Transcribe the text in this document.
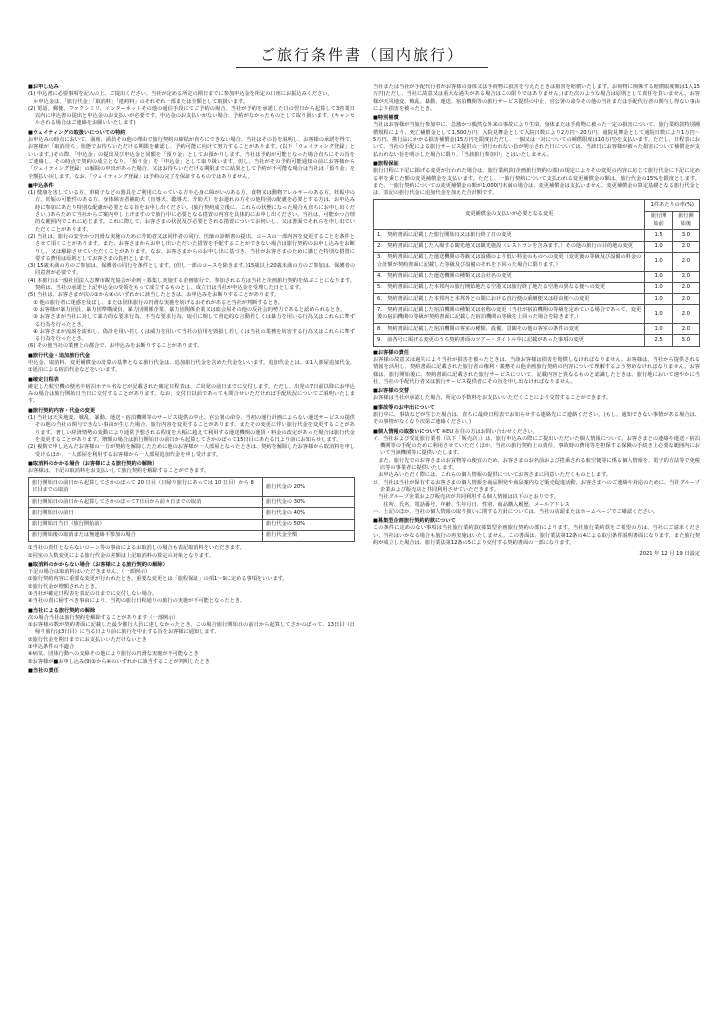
ご旅行条件書（国内旅行）
■ お申し込み
(1) 申込書に必要事項を記入の上、ご提出ください。当社が定める所定の期日までに参加申込金を所定の口座にお振込みください。
　＊申込金は、「旅行代金」「取消料」「違約料」のそれぞれ一部または全額として取扱います。
(2) 電話、郵便、ファクシミリ、インターネットその他の通信手段にてご予約の場合、当社が予約を承諾した日の翌日から起算して3営業日以内に申込書の提出と申込金のお支払いが必要です。申込金のお支払いがない場合、予約がなかったものとして取り扱います。(キャンセルされる場合はご連絡をお願いいたします)
■ ウェイティングの取扱いについての特約
お申込みの時点において、満席、満員その他の理由で旅行契約の締結が直ちにできない場合、当社はその旨を説明し、お客様の承諾を得て、お客様が「取消待ち」状態でお待ちいただける期限を確認し、予約可能に向けて努力することがあります。(以下「ウェイティング登録」といいます。)その際、「申込金」の提出及び申込金と同額を「預り金」としてお預かりします。当社は予約が可能となった場合直ちにその旨をご連絡し、その時点で契約の成立となり、「預り金」を「申込金」として取り扱います。但し、当社がその予約可能通知の前にお客様から「ウェイティング登録」の解除の申出があった場合、又はお待ちいただける期限までに結果として予約が不可能な場合は当社は「預り金」を全額払い戻します。なお、「ウェイティング登録」は予約の完了を保証するものではありません。
■ 申込条件
(1) 健康を害している方、車椅子などの器具をご利用になっている方や心身に障がいのある方、食物又は動物アレルギーのある方、妊娠中の方、妊娠の可能性のある方、身体障害者補助犬（盲導犬、聴導犬、介助犬）をお連れの方その他特別の配慮を必要とする方は、お申込み時に参加にあたり特別な配慮が必要となる旨をお申し出ください。(旅行契約成立後に、これらの状態になった場合も直ちにお申し出ください。)あらためて当社からご案内申し上げますので旅行中に必要となる措置の内容を具体的にお申し出ください。当社は、可能かつ合理的な範囲内でこれに応じます。これに際して、お客さまの状況及び必要とされる措置についてお伺いし、又は書面でそれらを申し出ていただくことがあります。
(2) 当社は、旅行の安全かつ円滑な実施のために介助者又は同伴者の同行、医師の診断書の提出、コースの一部内容を変更することを条件とさせて頂くことがあります。また、お客さまからお申し出いただいた措置を手配することができない場合は旅行契約のお申し込みをお断りし、又は解除させていただくことがあります。なお、お客さまからのお申し出に基づき、当社がお客さまのために講じた特別な措置に要する費用は原則としてお客さまの負担とします。
(3) 15歳未満の方のご参加は、保護者の同行を条件とします。(但し一部のコースを除きます。)15歳以上20歳未満の方のご参加は、保護者の同意書が必要です。
(4) 本旅行は一般社団法人志摩市観光協会が企画・募集し実施する企画旅行で、参加される方は当社と企画旅行契約を結ぶことになります。契約は、当社の承諾と上記申込金の受領をもって成立するものとし、成立日は当社が申込金を受理した日とします。
(5) 当社は、お客さまが次の①から④のいずれかに該当したときは、お申込みをお断りすることがあります。
　① 他の旅行者に迷惑を及ぼし、または団体旅行の円滑な実施を妨げるおそれがあると当社が判断するとき。
　② お客様が暴力団員、暴力団準構成員、暴力団関係企業、暴力団関係企業又は総会屋その他の反社会的勢力であると認められるとき。
　③ お客さまが当社に対して暴力的な要求行為、不当な要求行為、取引に関して脅迫的な言動若しくは暴力を用いる行為又はこれらに準ずる行為を行ったとき。
　④ お客さまが流説を流布し、偽計を用い若しくは威力を用いて当社の信用を毀損し若しくは当社の業務を妨害する行為又はこれらに準ずる行為を行ったとき。
(6) その他当社の業務上の都合で、お申込みをお断りすることがあります。
■ 旅行代金・追加旅行代金
申込金、取消料、変更補償金の計算の基準となる旅行代金は、追加旅行代金を含めた代金をいいます。追加代金とは、①1人部屋追加代金、②延泊による宿泊代金などをいいます。
■ 確定日程表
確定した航空機の便名や宿泊ホテル名などが記載された確定日程表は、ご出発の前日までに交付します。ただし、出発の7日前以降にお申込みの場合は旅行開始日当日に交付することがあります。なお、交付日以前であっても問合せいただければ手配状況についてご説明いたします。
■ 旅行契約内容・代金の変更
(1) 当社は天災地変、戦乱、暴動、運送・宿泊機関等のサービス提供の中止、官公署の命令、当初の運行計画によらない運送サービスの提供その他の当社の関与できない事由が生じた場合、旅行内容を変更することがあります。またその変更に伴い旅行代金を変更することがあります。著しい経済情勢の変動により通常予想される程度を大幅に超えて利用する運送機関の運賃・料金の改定があった場合は旅行代金を変更することがあります。増額の場合は旅行開始日の前日から起算してさかのぼって15日目にあたる日より前にお知らせします。
(2) 複数で申し込んだお客様の一方が契約を解除したために他のお客様が一人部屋となったときは、契約を解除したお客様から取消料を申し受けるほか、一人部屋を利用するお客様から一人部屋追加代金を申し受けます。
■ 取消料のかかる場合（お客様による旅行契約の解除）
お客様は、下記の取消料をお支払いして旅行契約を解除することができます。
旅行開始日の前日から起算してさかのぼって 20 日目（日帰り旅行にあっては 10 日目）から 8 日目までの取消	旅行代金の 20%
旅行開始日の前日から起算してさかのぼって7日目から前々日までの取消	旅行代金の 30%
旅行開始日の前日	旅行代金の 40%
旅行開始日当日（旅行開始前）	旅行代金の 50%
旅行開始後の取消または無連絡不参加の場合	旅行代金全額
①当社の責任とならないローン等の事由によるお取消しの場合も表記取消料をいただきます。
②同室の人数変更による旅行代金の差額は上記取消料の算定の対象となります。
■ 取消料のかからない場合（お客様による旅行契約の解除）
下記の場合は取消料はいただきません。（一部例示）
①旅行契約内容に重要な変更が行われたとき。重要な変更とは「旅程保証」の項1～9に定める事項をいいます。
②旅行代金が増額されたとき。
③当社が確定日程表を表記の日までに交付しない場合。
④当社の責に帰すべき事由により、当初の旅行日程通りの旅行の実施が不可能となったとき。
■ 当社による旅行契約の解除
次の場合当社は旅行契約を解除することがあります（一部例示）
①お客様の数が契約書面に記載した最少催行人員に達しなかったとき。この場合旅行開始日の前日から起算してさかのぼって、13日目（日帰り旅行は3日目）に当る日より前に旅行を中止する旨をお客様に通知します。
②旅行代金を期日までにお支払いいただけないとき
③申込条件の不適合
④病気、団体行動への支障その他により旅行の円滑な実施が不可能なとき
⑤お客様が■お申し込み(9)①から④のいずれかに該当することが判明したとき
■ 当社の責任
当社または当社が手配代行者がお客様の身体又は手荷物に損害を与えたときは損害を賠償いたします。お荷物に関係する賠償限度額は1人15万円(ただし、当社に故意又は重大な過失がある場合はこの限りではありません。)また次のような場合は原則として責任を負いません。お客様が天災地変、戦乱、暴動、運送、宿泊機関等の旅行サービス提供の中止、官公署の命令その他の当社または手配代行者の関与し得ない事由により損害を被ったとき。
■ 特別補償
当社はお客様が当旅行参加中に、急激かつ偶然な外来の事故により生命、身体または手荷物に被った一定の損害について、旅行業約款特別補償規程により、死亡補償金として1,500万円、入院見舞金として入院日数により2万円～20万円、通院見舞金として通院日数により1万円～5万円、携行品にかかる損害補償金(15万円を限度)(ただし、一個又は一対についての補償限度は10万円)を支払います。ただし、日程表において、当社の手配による旅行サービス提供の一切行われない旨が明示された日については、当該日にお客様が被った損害について補償金が支払われない旨を明示した場合に限り、「当該旅行参加中」とはいたしません。
■ 旅程保証
旅行日程に下記に掲げる変更が行われた場合は、旅行業約款(企画旅行契約の部)の規定によりその変更の内容に応じて旅行代金に下記に定める率を乗じた額の変更補償金を支払います。ただし、一旅行契約について支払われる変更補償金の額は、旅行代金の15%を限度とします。また、一旅行契約についての変更補償金の額が1,000円未満の場合は、変更補償金は支払いません。変更補償金の算定基礎となる旅行代金とは、表記の旅行代金に追加代金を加えた合計額です。
変更補償金の支払いが必要となる変更	1件あたりの率(%)	
	旅行開始前	旅行開始後
1.　契約書面に記載した旅行開始日又は旅行終了日の変更	1.5	3.0
2.　契約書面に記載した入場する観光地又は観光施設（レストランを含みます。）その他の旅行の目的地の変更	1.0	2.0
3.　契約書面に記載した運送機関の等級又は設備のより低い料金のものへの変更（変更後の等級及び設備の料金の合計額が契約書面に記載した等級及び設備のそれを下回った場合に限ります。）	1.0	2.0
4.　契約書面に記載した運送機関の種類又は会社名の変更	1.0	2.0
5.　契約書面に記載した本邦内の旅行開始地たる空港又は旅行終了地たる空港の異なる便への変更	1.0	2.0
6.　契約書面に記載した本邦内と本邦外との間における直行便の乗継便又は経由便への変更	1.0	2.0
7.　契約書面に記載した宿泊機関の種類又は名称の変更（当社が宿泊機関の等級を定めている場合であって、変更後の宿泊機関の等級が契約書面に記載した宿泊機関の等級を上回った場合を除きます。）	1.0	2.0
8.　契約書面に記載した宿泊機関の客室の種類、設備、景観その他の客室の条件の変更	1.0	2.0
9.　前各号に掲げる変更のうち契約書面のツアー・タイトル中に記載があった事項の変更	2.5	5.0
■ お客様の責任
お客様の故意又は過失により当社が損害を被ったときは、当該お客様は損害を賠償しなければなりません。お客様は、当社から提供される情報を活用し、契約書面に記載された旅行者の権利・義務その他企画旅行契約の内容について理解するよう努めなければなりません。お客様は、旅行開始後に、契約書面に記載された旅行サービスについて、記載内容と異なるものと認識したときは、旅行地において速やかに当社、当社の手配代行者又は旅行サービス提供者にその旨を申し出なければなりません。
■ お客様の交替
お客様は当社が承認した場合、所定の手数料をお支払いいただくことにより交替することができます。
■ 事故等のお申出について
旅行中に、事故などが生じた場合は、直ちに最終日程表でお知らせする連絡先にご連絡ください。(もし、通知できない事情がある場合は、その事情がなくなり次第ご連絡ください。)
■ 個人情報の取扱いについて ※EU 在住の方はお問い合わせください。
イ．当社および受託旅行業者（以下「販売店」）は、旅行申込みの際にご提出いただいた個人情報について、お客さまとの連絡や運送・宿泊機関等の手配のために利用させていただくほか、当社の旅行契約上の責任、事故時の費用等を担保する保険の手続き上必要な範囲内において当該機関等に提供いたします。
　また、旅行先でのお客さまのお買物等の便宜のため、お客さまのお名前および搭乗される航空便等に係る個人情報を、電子的方法等で免税店等の事業者に提供いたします。
　お申込みいただく際には、これらの個人情報の提供についてお客さまに同意いただくものとします。
ロ．当社は当社が保有するお客さまの個人情報を商品開発や商品案内など販売促進活動、お客さまへのご連絡や対応のために、当社グループ企業および販売店と共同利用させていただきます。
　当社グループ企業および販売店が共同利用する個人情報は以下のとおりです。
　　住所、氏名、電話番号、年齢、生年月日、性別、商品購入履歴、メールアドレス
ハ．上記のほか、当社の個人情報の取り扱いに関する方針については、当社の店頭またはホームページでご確認ください。
■ 募集型企画旅行契約約款について
この条件に定めのない事項は当社旅行業約款(募集型企画旅行契約の部)によります。当社旅行業約款をご希望の方は、当社にご請求ください。当社はいかなる場合も旅行の再実施はいたしません。この書面は、旅行業法第12条の4による取引条件説明書面になります。また旅行契約が成立した場合は、旅行業法第12条の5により交付する契約書面の一部になります。
2021 年 12 月 19 日設定
